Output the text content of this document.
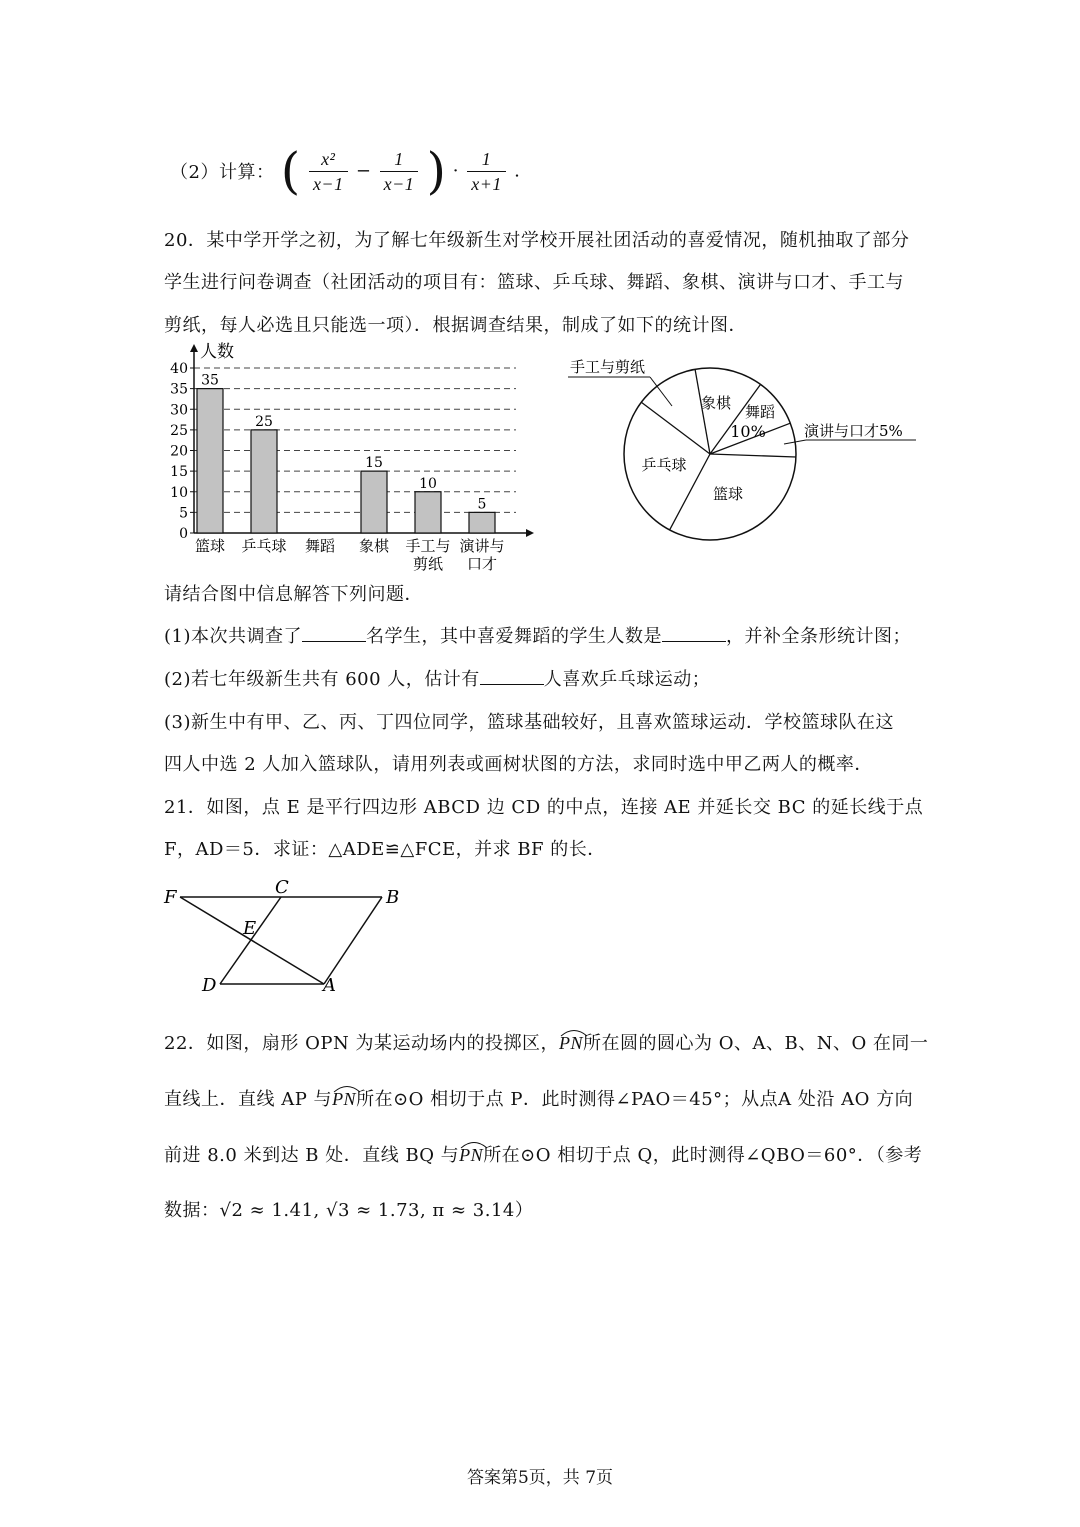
（2）计算： ( $\frac{\text{x²}}{x-1} - \frac{1}{x-1}$ ) · $\frac{1}{x+1}$ .
20．某中学开学之初，为了解七年级新生对学校开展社团活动的喜爱情况，随机抽取了部分
学生进行问卷调查（社团活动的项目有：篮球、乒乓球、舞蹈、象棋、演讲与口才、手工与
剪纸，每人必选且只能选一项）．根据调查结果，制成了如下的统计图．
人数
0
5
10
15
20
25
30
35
40
35
篮球
25
乒乓球 舞蹈
15
象棋
10
手工与
剪纸
5
演讲与
口才
篮球
乒乓球
象棋 舞蹈
10%
手工与剪纸
演讲与口才5%
请结合图中信息解答下列问题．
(1)本次共调查了	名学生，其中喜爱舞蹈的学生人数是	，并补全条形统计图；
(2)若七年级新生共有 600 人，估计有	人喜欢乒乓球运动；
(3)新生中有甲、乙、丙、丁四位同学，篮球基础较好，且喜欢篮球运动．学校篮球队在这
四人中选 2 人加入篮球队，请用列表或画树状图的方法，求同时选中甲乙两人的概率．
21．如图，点 E 是平行四边形 ABCD 边 CD 的中点，连接 AE 并延长交 BC 的延长线于点
F，AD＝5．求证：△ADE≌△FCE，并求 BF 的长．
F	C	B
E
D	A
22．如图，扇形 OPN 为某运动场内的投掷区，
PN所在圆的圆心为 O、A、B、N、O 在同一
直线上．直线 AP 与
PN所在⊙O 相切于点 P．此时测得∠PAO＝45°；从点A 处沿 AO 方向
前进 8.0 米到达 B 处．直线 BQ 与
PN所在⊙O 相切于点 Q，此时测得∠QBO＝60°．（参考
数据：√2 ≈ 1.41, √3 ≈ 1.73, π ≈ 3.14）
答案第5页，共 7页
